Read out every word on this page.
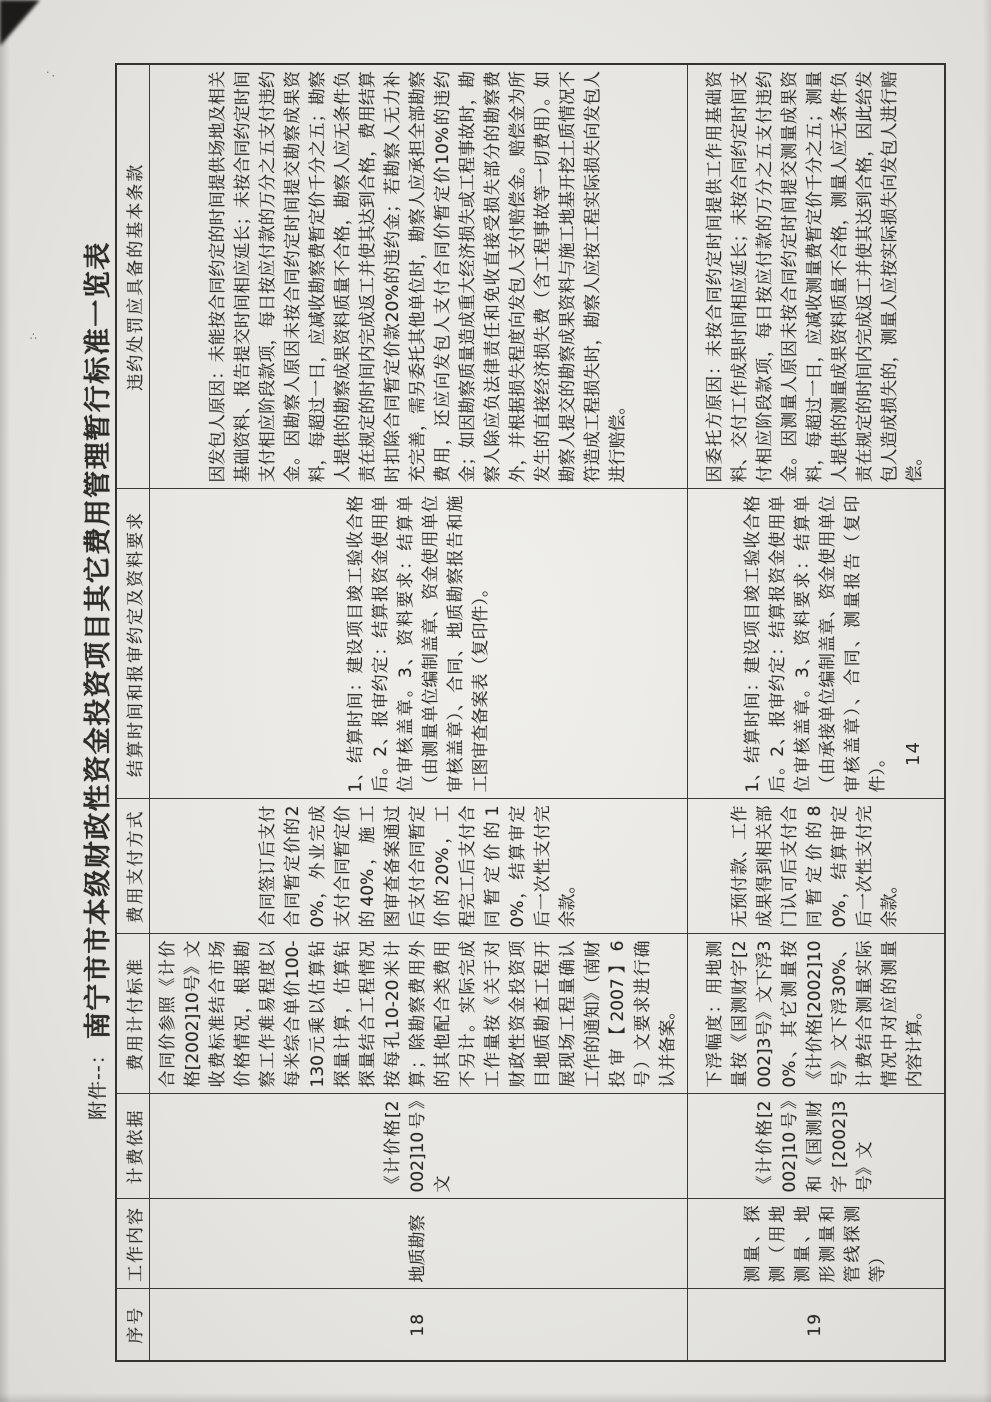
∴
·．
附件--： 南宁市市本级财政性资金投资项目其它费用管理暂行标准一览表
序号	工作内容	计费依据	费用计付标准	费用支付方式	结算时间和报审约定及资料要求	违约处罚应具备的基本条款
18	地质勘察	《计价格[2002]10号》文	合同价参照《计价格[2002]10号》文收费标准结合市场价格情况，根据勘察工作难易程度以每米综合单价100-130元乘以估算钻探量计算，估算钻探量结合工程情况按每孔10-20米计算；除勘察费用外的其他配合类费用不另计。实际完成工作量按《关于对财政性资金投资项目地质勘查工程开展现场工程量确认工作的通知》（南财投审【2007】6号）文要求进行确认并备案。	合同签订后支付合同暂定价的20%，外业完成支付合同暂定价的40%，施工图审查备案通过后支付合同暂定价的20%，工程完工后支付合同暂定价的10%，结算审定后一次性支付完余款。	1、结算时间：建设项目竣工验收合格后。2、报审约定：结算报资金使用单位审核盖章。3、资料要求：结算单（由测量单位编制盖章、资金使用单位审核盖章）、合同、地质勘察报告和施工图审查备案表（复印件）。	因发包人原因：未能按合同约定的时间提供场地及相关基础资料、报告提交时间相应延长；未按合同约定时间支付相应阶段款项，每日按应付款的万分之五支付违约金。因勘察人原因未按合同约定时间提交勘察成果资料，每超过一日，应减收勘察费暂定价千分之五；勘察人提供的勘察成果资料质量不合格，勘察人应无条件负责在规定的时间内完成返工并使其达到合格，费用结算时扣除合同暂定价款20%的违约金；若勘察人无力补充完善，需另委托其他单位时，勘察人应承担全部勘察费用，还应向发包人支付合同价暂定价10%的违约金；如因勘察质量造成重大经济损失或工程事故时，勘察人除应负法律责任和免收直接受损失部分的勘察费外，并根据损失程度向发包人支付赔偿金。赔偿金为所发生的直接经济损失费（含工程事故等一切费用）。如勘察人提交的勘察成果资料与施工地基开挖土质情况不符造成工程损失时，勘察人应按工程实际损失向发包人进行赔偿。
19	测量、探测（用地测量、地形测量和管线探测等）	《计价格[2002]10号》和《国测财字[2002]3号》文	下浮幅度：用地测量按《国测财字[2002]3号》文下浮30%、其它测量按《计价格[2002]10号》文下浮30%、计费结合测量实际情况中对应的测量内容计算。	无预付款、工作成果得到相关部门认可后支付合同暂定价的80%，结算审定后一次性支付完余款。	1、结算时间：建设项目竣工验收合格后。2、报审约定：结算报资金使用单位审核盖章。3、资料要求：结算单（由承接单位编制盖章、资金使用单位审核盖章）、合同、测量报告（复印件）。	因委托方原因：未按合同约定时间提供工作用基础资料、交付工作成果时间相应延长；未按合同约定时间支付相应阶段款项，每日按应付款的万分之五支付违约金。因测量人原因未按合同约定时间提交测量成果资料，每超过一日，应减收测量费暂定价千分之五；测量人提供的测量成果资料质量不合格，测量人应无条件负责在规定的时间内完成返工并使其达到合格，因此给发包人造成损失的，测量人应按实际损失向发包人进行赔偿。
14
